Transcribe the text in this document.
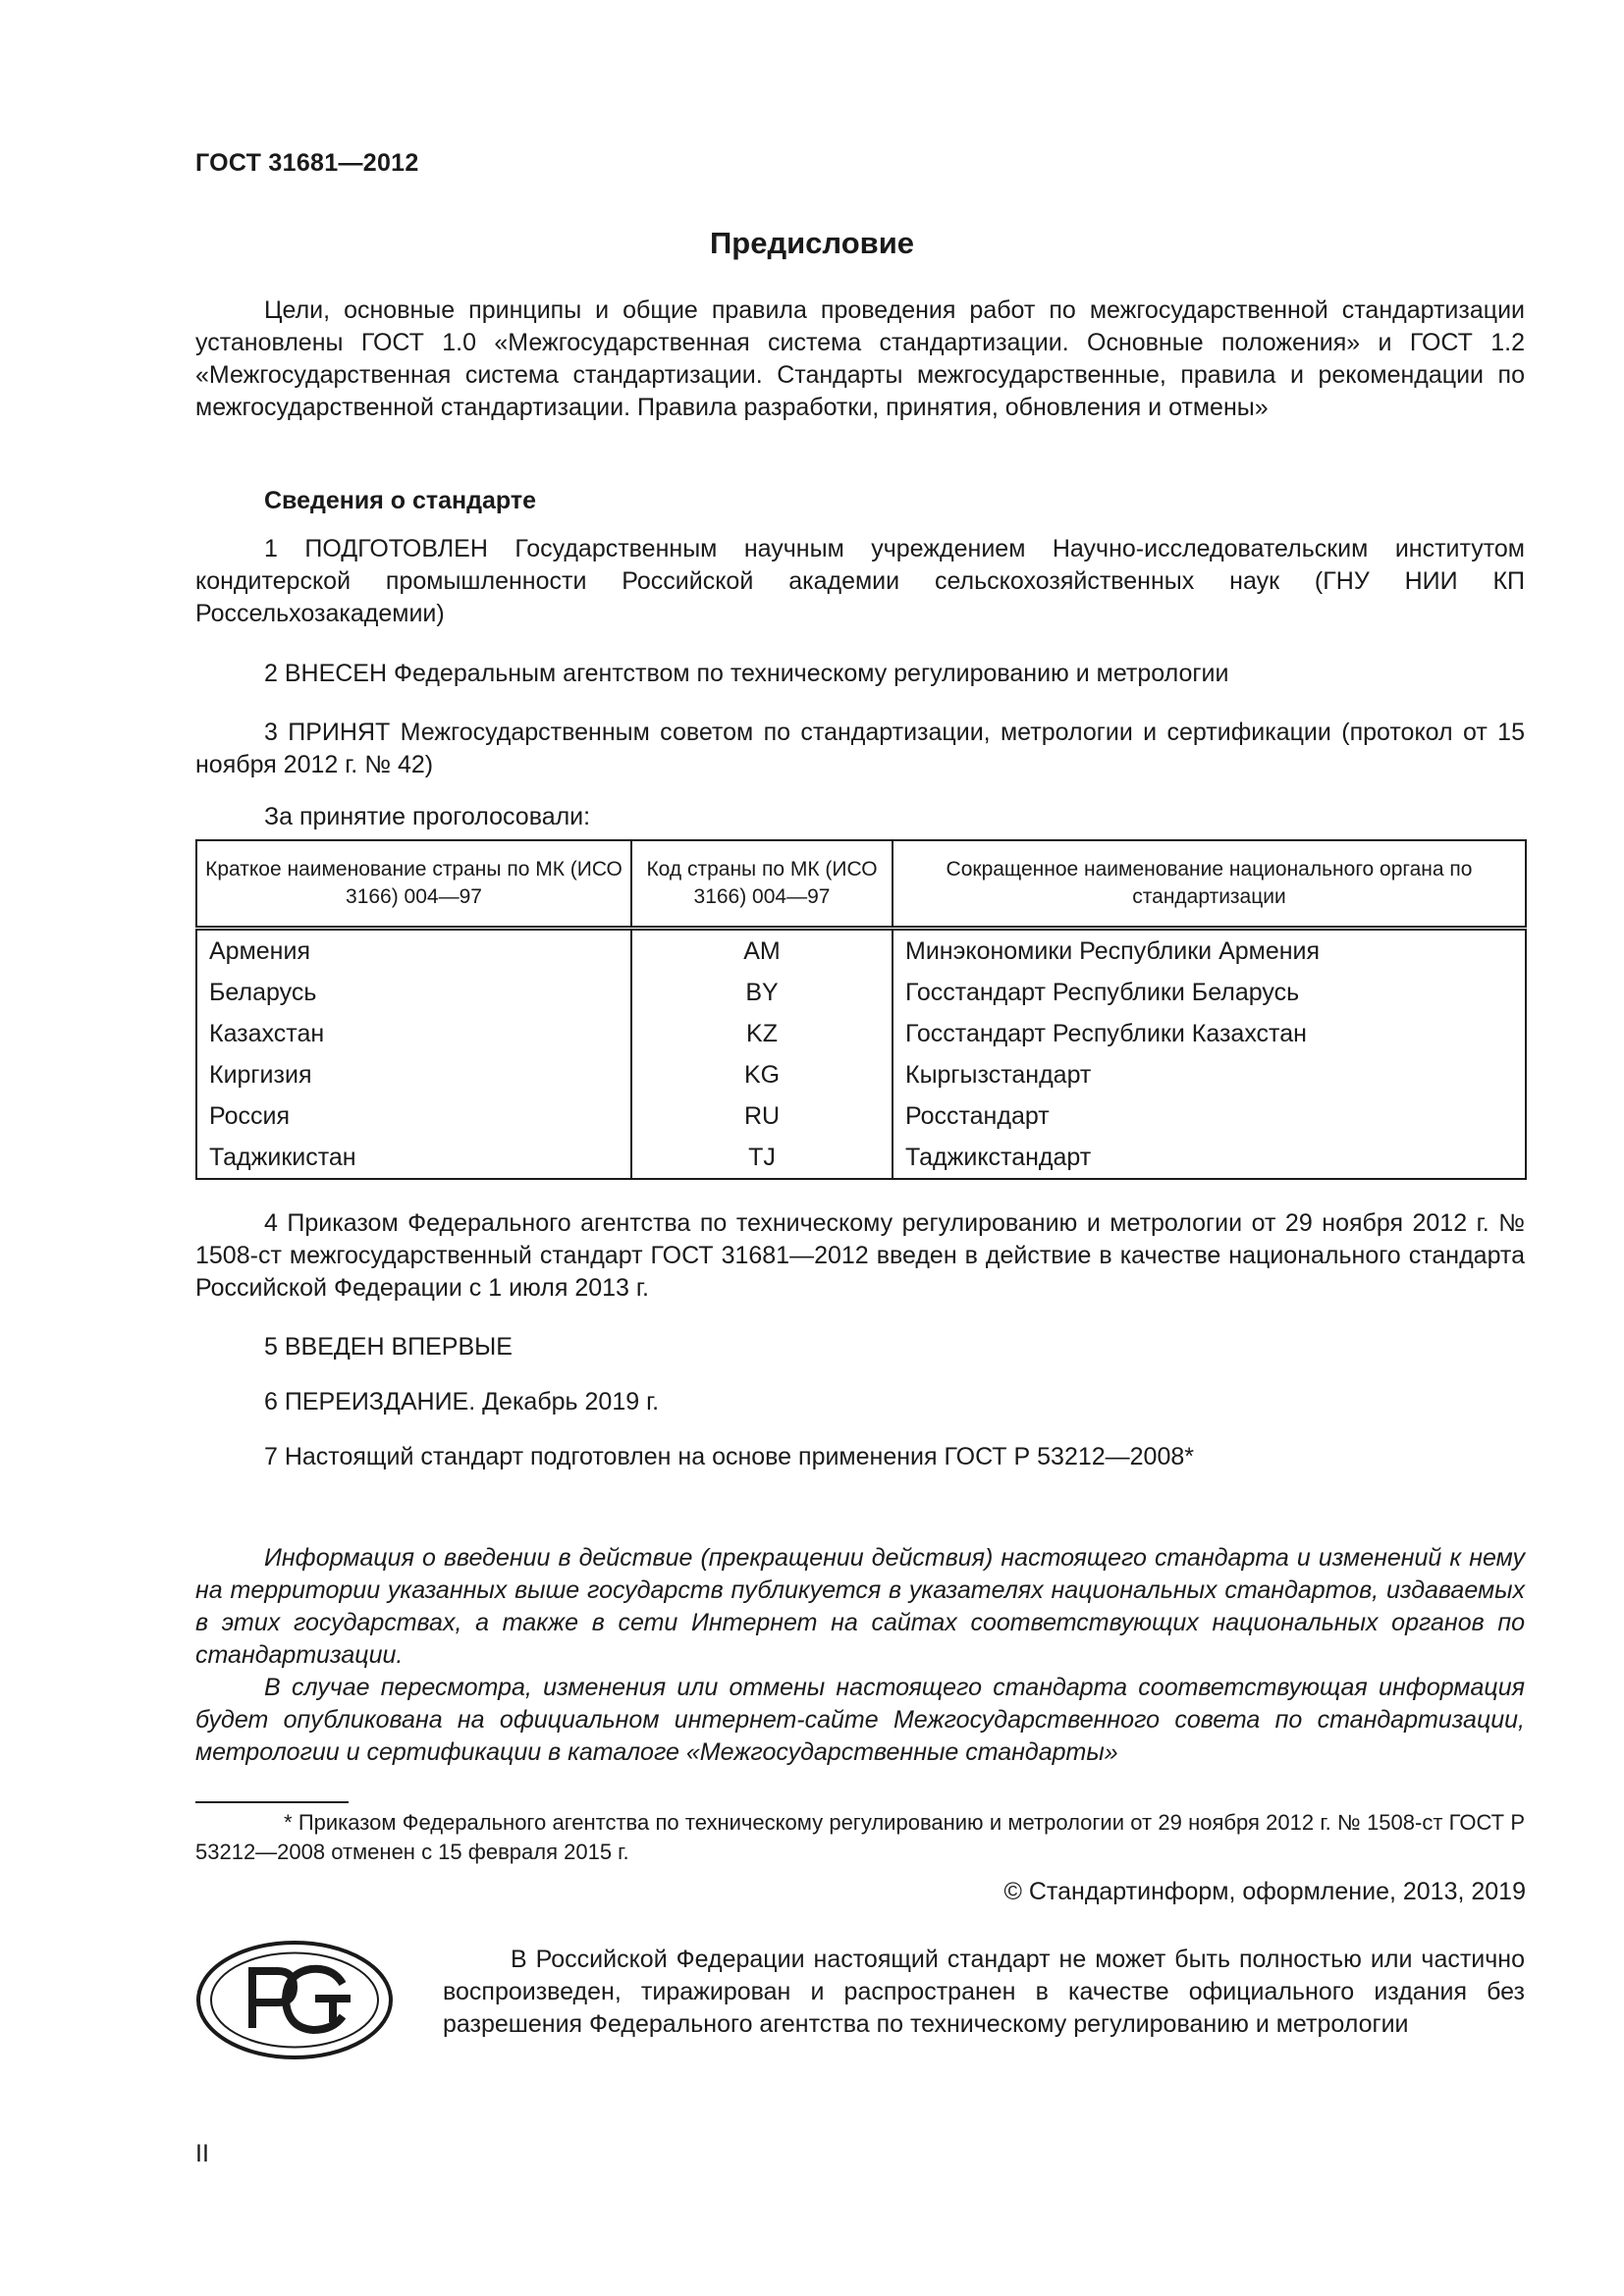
ГОСТ 31681—2012
Предисловие
Цели, основные принципы и общие правила проведения работ по межгосударственной стандартизации установлены ГОСТ 1.0 «Межгосударственная система стандартизации. Основные положения» и ГОСТ 1.2 «Межгосударственная система стандартизации. Стандарты межгосударственные, правила и рекомендации по межгосударственной стандартизации. Правила разработки, принятия, обновления и отмены»
Сведения о стандарте
1 ПОДГОТОВЛЕН Государственным научным учреждением Научно-исследовательским институтом кондитерской промышленности Российской академии сельскохозяйственных наук (ГНУ НИИ КП Россельхозакадемии)
2 ВНЕСЕН Федеральным агентством по техническому регулированию и метрологии
3 ПРИНЯТ Межгосударственным советом по стандартизации, метрологии и сертификации (протокол от 15 ноября 2012 г. № 42)
За принятие проголосовали:
Краткое наименование страны по МК (ИСО 3166) 004—97	Код страны по МК (ИСО 3166) 004—97	Сокращенное наименование национального органа по стандартизации
Армения	AM	Минэкономики Республики Армения
Беларусь	BY	Госстандарт Республики Беларусь
Казахстан	KZ	Госстандарт Республики Казахстан
Киргизия	KG	Кыргызстандарт
Россия	RU	Росстандарт
Таджикистан	TJ	Таджикстандарт
4 Приказом Федерального агентства по техническому регулированию и метрологии от 29 ноября 2012 г. № 1508-ст межгосударственный стандарт ГОСТ 31681—2012 введен в действие в качестве национального стандарта Российской Федерации с 1 июля 2013 г.
5 ВВЕДЕН ВПЕРВЫЕ
6 ПЕРЕИЗДАНИЕ. Декабрь 2019 г.
7 Настоящий стандарт подготовлен на основе применения ГОСТ Р 53212—2008*

Информация о введении в действие (прекращении действия) настоящего стандарта и изменений к нему на территории указанных выше государств публикуется в указателях национальных стандартов, издаваемых в этих государствах, а также в сети Интернет на сайтах соответствующих национальных органов по стандартизации.

В случае пересмотра, изменения или отмены настоящего стандарта соответствующая информация будет опубликована на официальном интернет-сайте Межгосударственного совета по стандартизации, метрологии и сертификации в каталоге «Межгосударственные стандарты»

* Приказом Федерального агентства по техническому регулированию и метрологии от 29 ноября 2012 г. № 1508-ст ГОСТ Р 53212—2008 отменен с 15 февраля 2015 г.
© Стандартинформ, оформление, 2013, 2019
В Российской Федерации настоящий стандарт не может быть полностью или частично воспроизведен, тиражирован и распространен в качестве официального издания без разрешения Федерального агентства по техническому регулированию и метрологии
II
